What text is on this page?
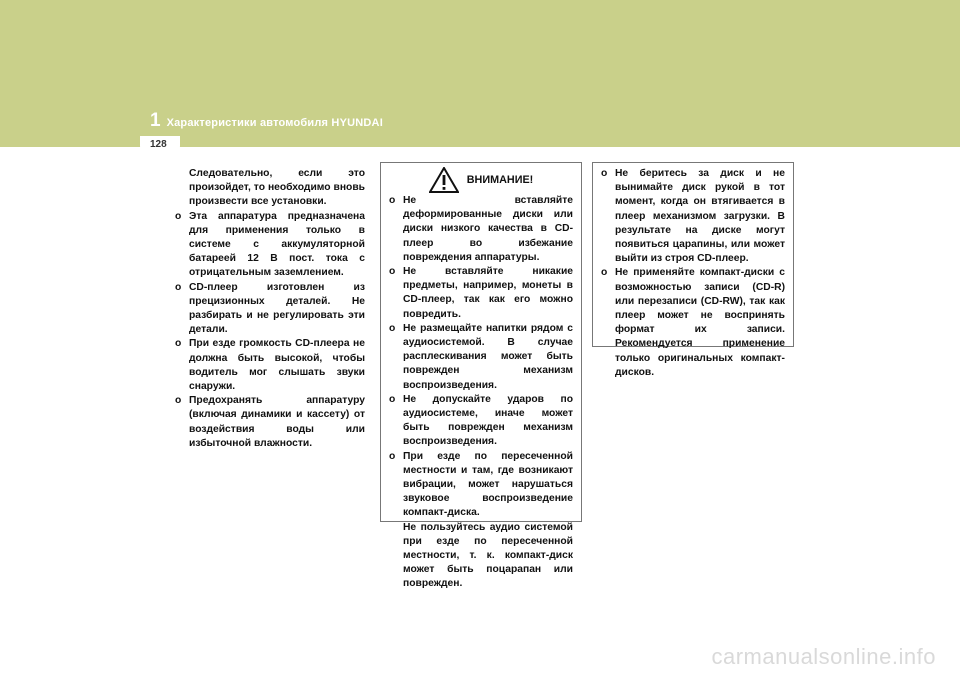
1 Характеристики автомобиля HYUNDAI
128

Следовательно, если это произойдет, то необходимо вновь произвести все установки.

o Эта аппаратура предназначена для применения только в системе с аккумуляторной батареей 12 В пост. тока с отрицательным заземлением.
o CD-плеер изготовлен из прецизионных деталей. Не разбирать и не регулировать эти детали.
o При езде громкость CD-плеера не должна быть высокой, чтобы водитель мог слышать звуки снаружи.
o Предохранять аппаратуру (включая динамики и кассету) от воздействия воды или избыточной влажности.
ВНИМАНИЕ!
o Не вставляйте деформированные диски или диски низкого качества в CD-плеер во избежание повреждения аппаратуры.
o Не вставляйте никакие предметы, например, монеты в CD-плеер, так как его можно повредить.
o Не размещайте напитки рядом с аудиосистемой. В случае расплескивания может быть поврежден механизм воспроизведения.
o Не допускайте ударов по аудиосистеме, иначе может быть поврежден механизм воспроизведения.
o При езде по пересеченной местности и там, где возникают вибрации, может нарушаться звуковое воспроизведение компакт-диска.

Не пользуйтесь аудио системой при езде по пересеченной местности, т. к. компакт-диск может быть поцарапан или поврежден.

o Не беритесь за диск и не вынимайте диск рукой в тот момент, когда он втягивается в плеер механизмом загрузки. В результате на диске могут появиться царапины, или может выйти из строя CD-плеер.
o Не применяйте компакт-диски с возможностью записи (CD-R) или перезаписи (CD-RW), так как плеер может не воспринять формат их записи. Рекомендуется применение только оригинальных компакт-дисков.
carmanualsonline.info
